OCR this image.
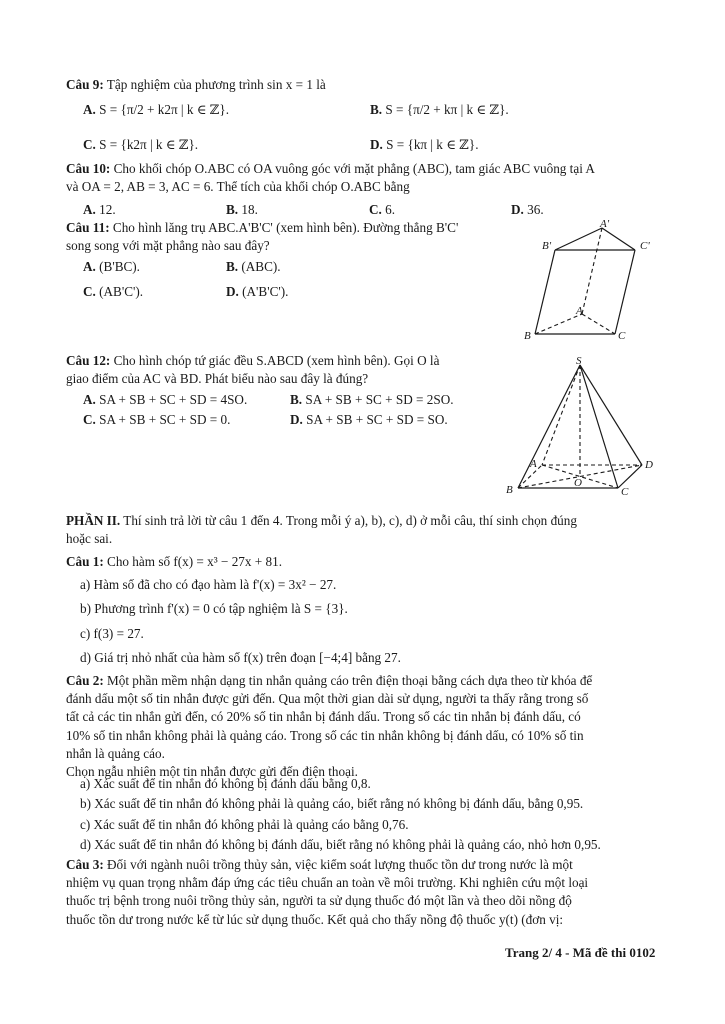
Câu 9: Tập nghiệm của phương trình sin x = 1 là
A. S = {π/2 + k2π | k ∈ ℤ}.	B. S = {π/2 + kπ | k ∈ ℤ}.
C. S = {k2π | k ∈ ℤ}.	D. S = {kπ | k ∈ ℤ}.
Câu 10: Cho khối chóp O.ABC có OA vuông góc với mặt phẳng (ABC), tam giác ABC vuông tại A
và OA = 2, AB = 3, AC = 6. Thể tích của khối chóp O.ABC bằng
A. 12.	B. 18.	C. 6.	D. 36.
Câu 11: Cho hình lăng trụ ABC.A'B'C' (xem hình bên). Đường thẳng B'C'
song song với mặt phẳng nào sau đây?
A. (B'BC).	B. (ABC).
C. (AB'C').	D. (A'B'C').
A'
B'	C'
A
B	C
Câu 12: Cho hình chóp tứ giác đều S.ABCD (xem hình bên). Gọi O là
giao điểm của AC và BD. Phát biểu nào sau đây là đúng?
A. SA + SB + SC + SD = 4SO.	B. SA + SB + SC + SD = 2SO.
C. SA + SB + SC + SD = 0.	D. SA + SB + SC + SD = SO.
S
A
B	C
D
O
PHẦN II. Thí sinh trả lời từ câu 1 đến 4. Trong mỗi ý a), b), c), d) ở mỗi câu, thí sinh chọn đúng
hoặc sai.
Câu 1: Cho hàm số f(x) = x³ − 27x + 81.
a) Hàm số đã cho có đạo hàm là f'(x) = 3x² − 27.
b) Phương trình f'(x) = 0 có tập nghiệm là S = {3}.
c) f(3) = 27.
d) Giá trị nhỏ nhất của hàm số f(x) trên đoạn [−4;4] bằng 27.
Câu 2: Một phần mềm nhận dạng tin nhắn quảng cáo trên điện thoại bằng cách dựa theo từ khóa để
đánh dấu một số tin nhắn được gửi đến. Qua một thời gian dài sử dụng, người ta thấy rằng trong số
tất cả các tin nhắn gửi đến, có 20% số tin nhắn bị đánh dấu. Trong số các tin nhắn bị đánh dấu, có
10% số tin nhắn không phải là quảng cáo. Trong số các tin nhắn không bị đánh dấu, có 10% số tin
nhắn là quảng cáo.
Chọn ngẫu nhiên một tin nhắn được gửi đến điện thoại.
a) Xác suất để tin nhắn đó không bị đánh dấu bằng 0,8.
b) Xác suất để tin nhắn đó không phải là quảng cáo, biết rằng nó không bị đánh dấu, bằng 0,95.
c) Xác suất để tin nhắn đó không phải là quảng cáo bằng 0,76.
d) Xác suất để tin nhắn đó không bị đánh dấu, biết rằng nó không phải là quảng cáo, nhỏ hơn 0,95.
Câu 3: Đối với ngành nuôi trồng thủy sản, việc kiểm soát lượng thuốc tồn dư trong nước là một
nhiệm vụ quan trọng nhằm đáp ứng các tiêu chuẩn an toàn về môi trường. Khi nghiên cứu một loại
thuốc trị bệnh trong nuôi trồng thủy sản, người ta sử dụng thuốc đó một lần và theo dõi nồng độ
thuốc tồn dư trong nước kể từ lúc sử dụng thuốc. Kết quả cho thấy nồng độ thuốc y(t) (đơn vị:
Trang 2/ 4 - Mã đề thi 0102
